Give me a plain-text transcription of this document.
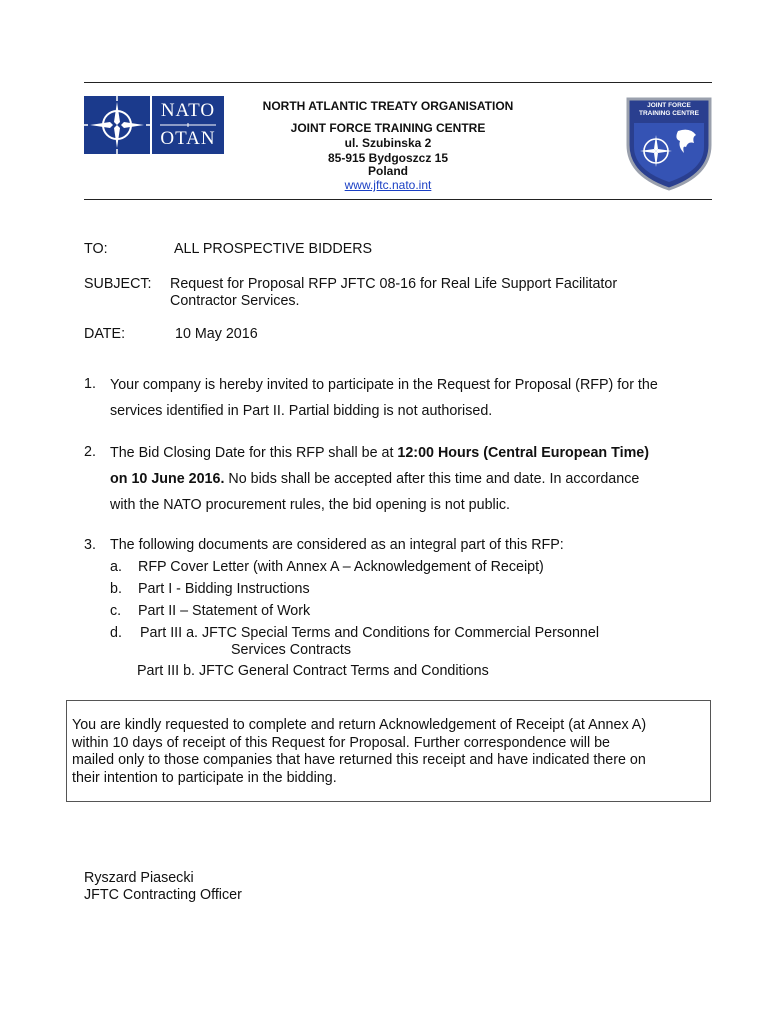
NATO
OTAN
NORTH ATLANTIC TREATY ORGANISATION
JOINT FORCE TRAINING CENTRE
ul. Szubinska 2
85-915 Bydgoszcz 15
Poland
www.jftc.nato.int
JOINT FORCE
TRAINING CENTRE
TO:	ALL PROSPECTIVE BIDDERS
SUBJECT: Request for Proposal RFP JFTC 08-16 for Real Life Support Facilitator
Contractor Services.
DATE:	10 May 2016
1. Your company is hereby invited to participate in the Request for Proposal (RFP) for the
services identified in Part II. Partial bidding is not authorised.
2. The Bid Closing Date for this RFP shall be at 12:00 Hours (Central European Time)
on 10 June 2016. No bids shall be accepted after this time and date. In accordance
with the NATO procurement rules, the bid opening is not public.
3. The following documents are considered as an integral part of this RFP:
a. RFP Cover Letter (with Annex A – Acknowledgement of Receipt)
b. Part I - Bidding Instructions
c. Part II – Statement of Work
d. Part III a. JFTC Special Terms and Conditions for Commercial Personnel
Services Contracts
Part III b. JFTC General Contract Terms and Conditions
You are kindly requested to complete and return Acknowledgement of Receipt (at Annex A)
within 10 days of receipt of this Request for Proposal. Further correspondence will be
mailed only to those companies that have returned this receipt and have indicated there on
their intention to participate in the bidding.
Ryszard Piasecki
JFTC Contracting Officer
